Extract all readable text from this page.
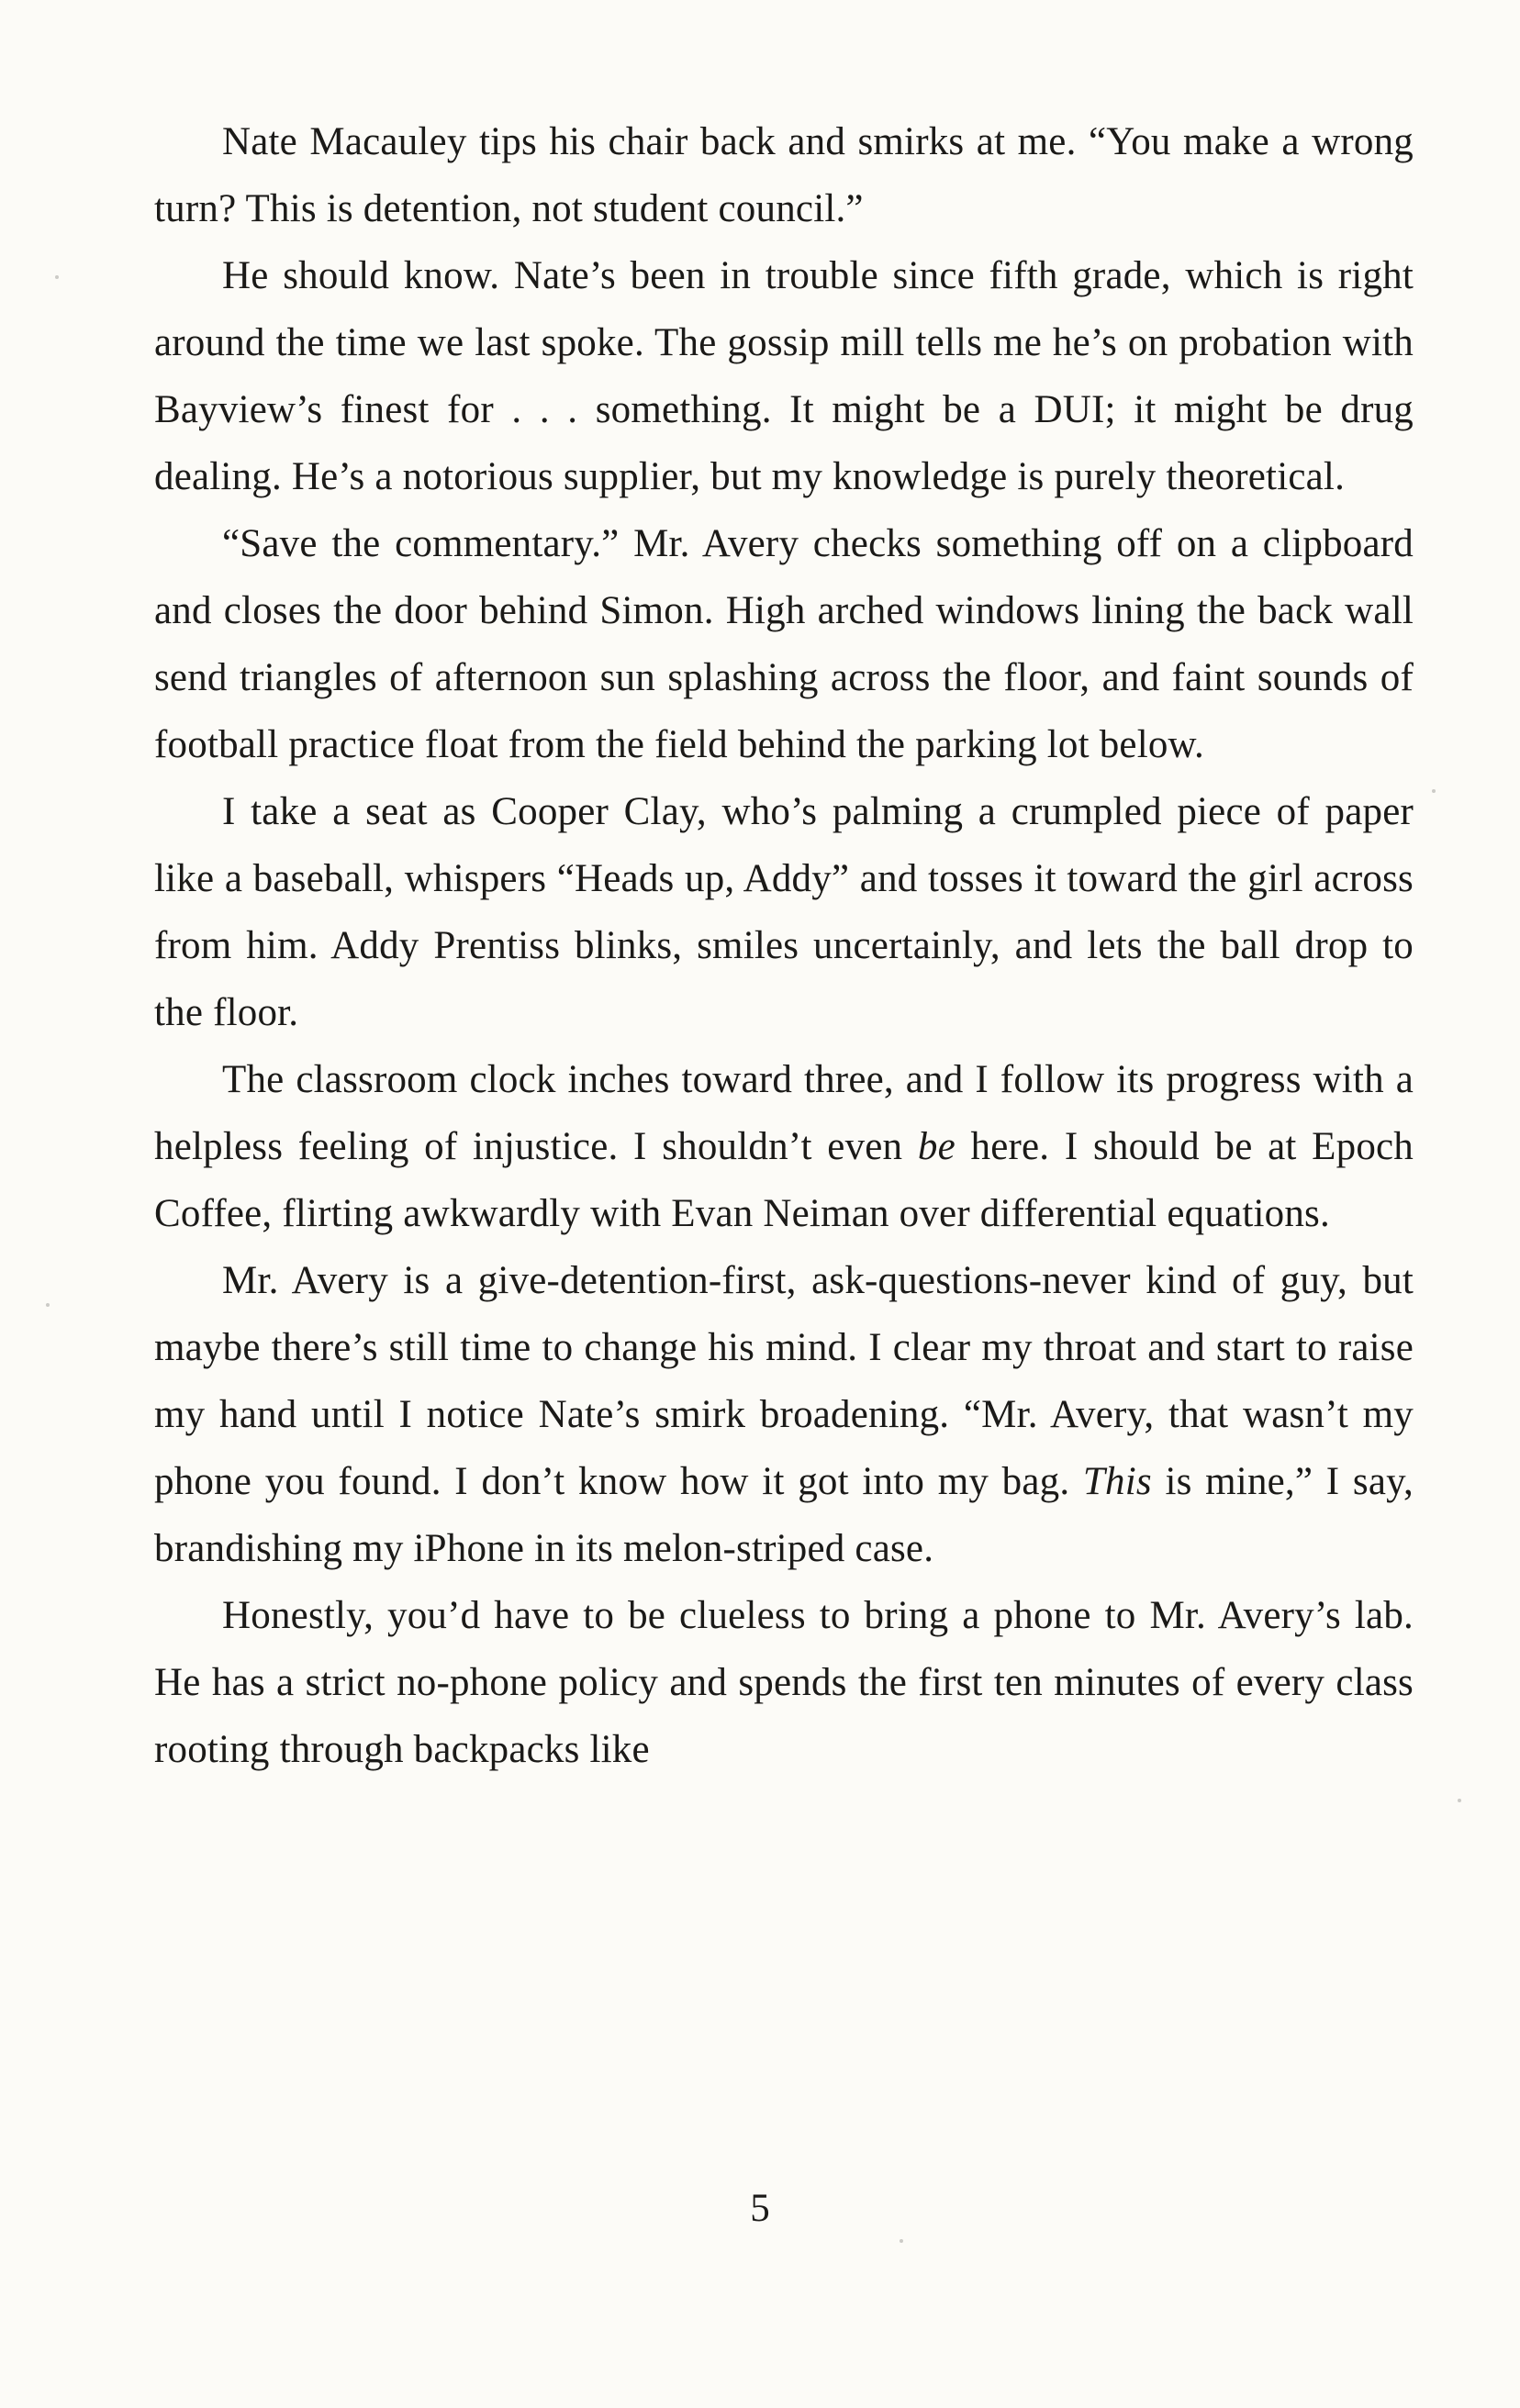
Nate Macauley tips his chair back and smirks at me. “You make a wrong turn? This is detention, not student council.”

He should know. Nate’s been in trouble since fifth grade, which is right around the time we last spoke. The gossip mill tells me he’s on probation with Bayview’s finest for . . . something. It might be a DUI; it might be drug dealing. He’s a notorious supplier, but my knowledge is purely theoretical.

“Save the commentary.” Mr. Avery checks something off on a clipboard and closes the door behind Simon. High arched windows lining the back wall send triangles of afternoon sun splashing across the floor, and faint sounds of football practice float from the field behind the parking lot below.

I take a seat as Cooper Clay, who’s palming a crumpled piece of paper like a baseball, whispers “Heads up, Addy” and tosses it toward the girl across from him. Addy Prentiss blinks, smiles uncertainly, and lets the ball drop to the floor.

The classroom clock inches toward three, and I follow its progress with a helpless feeling of injustice. I shouldn’t even be here. I should be at Epoch Coffee, flirting awkwardly with Evan Neiman over differential equations.

Mr. Avery is a give-detention-first, ask-questions-never kind of guy, but maybe there’s still time to change his mind. I clear my throat and start to raise my hand until I notice Nate’s smirk broadening. “Mr. Avery, that wasn’t my phone you found. I don’t know how it got into my bag. This is mine,” I say, brandishing my iPhone in its melon-striped case.

Honestly, you’d have to be clueless to bring a phone to Mr. Avery’s lab. He has a strict no-phone policy and spends the first ten minutes of every class rooting through backpacks like

5
